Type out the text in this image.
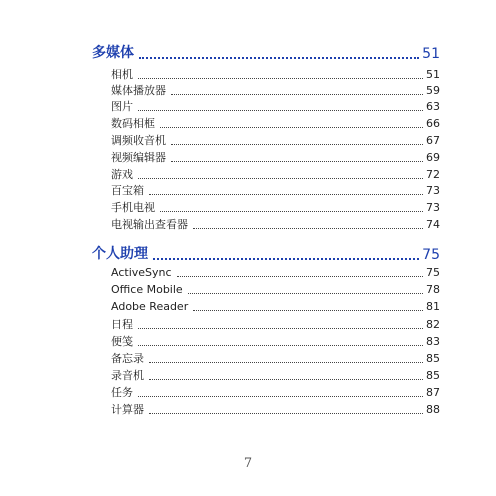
多媒体	51
相机	51
媒体播放器	59
图片	63
数码相框	66
调频收音机	67
视频编辑器	69
游戏	72
百宝箱	73
手机电视	73
电视输出查看器	74
个人助理	75
ActiveSync	75
Office Mobile	78
Adobe Reader	81
日程	82
便笺	83
备忘录	85
录音机	85
任务	87
计算器	88
7
